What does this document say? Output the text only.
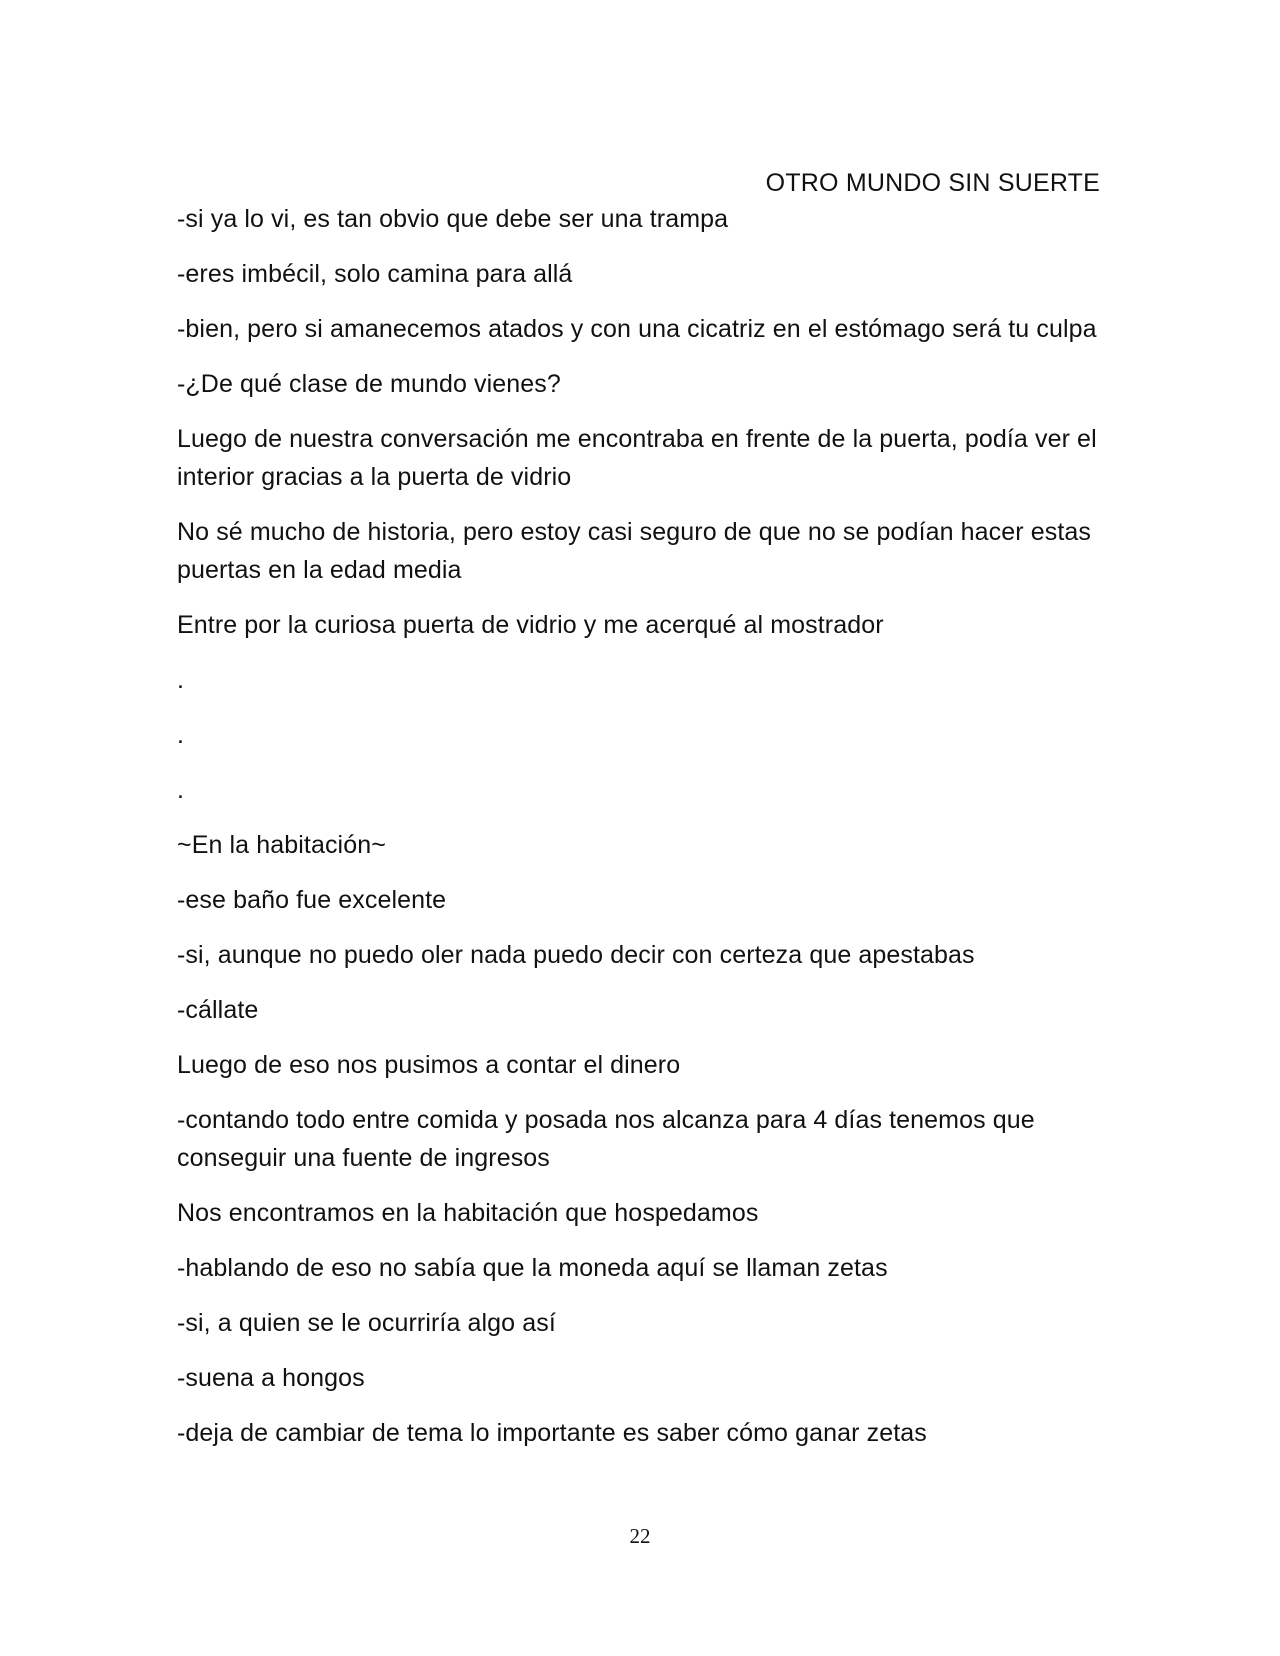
OTRO MUNDO SIN SUERTE

-si ya lo vi, es tan obvio que debe ser una trampa

-eres imbécil, solo camina para allá

-bien, pero si amanecemos atados y con una cicatriz en el estómago será tu culpa

-¿De qué clase de mundo vienes?

Luego de nuestra conversación me encontraba en frente de la puerta, podía ver el interior gracias a la puerta de vidrio

No sé mucho de historia, pero estoy casi seguro de que no se podían hacer estas puertas en la edad media

Entre por la curiosa puerta de vidrio y me acerqué al mostrador

.

.

.

~En la habitación~

-ese baño fue excelente

-si, aunque no puedo oler nada puedo decir con certeza que apestabas

-cállate

Luego de eso nos pusimos a contar el dinero

-contando todo entre comida y posada nos alcanza para 4 días tenemos que conseguir una fuente de ingresos

Nos encontramos en la habitación que hospedamos

-hablando de eso no sabía que la moneda aquí se llaman zetas

-si, a quien se le ocurriría algo así

-suena a hongos

-deja de cambiar de tema lo importante es saber cómo ganar zetas

22
